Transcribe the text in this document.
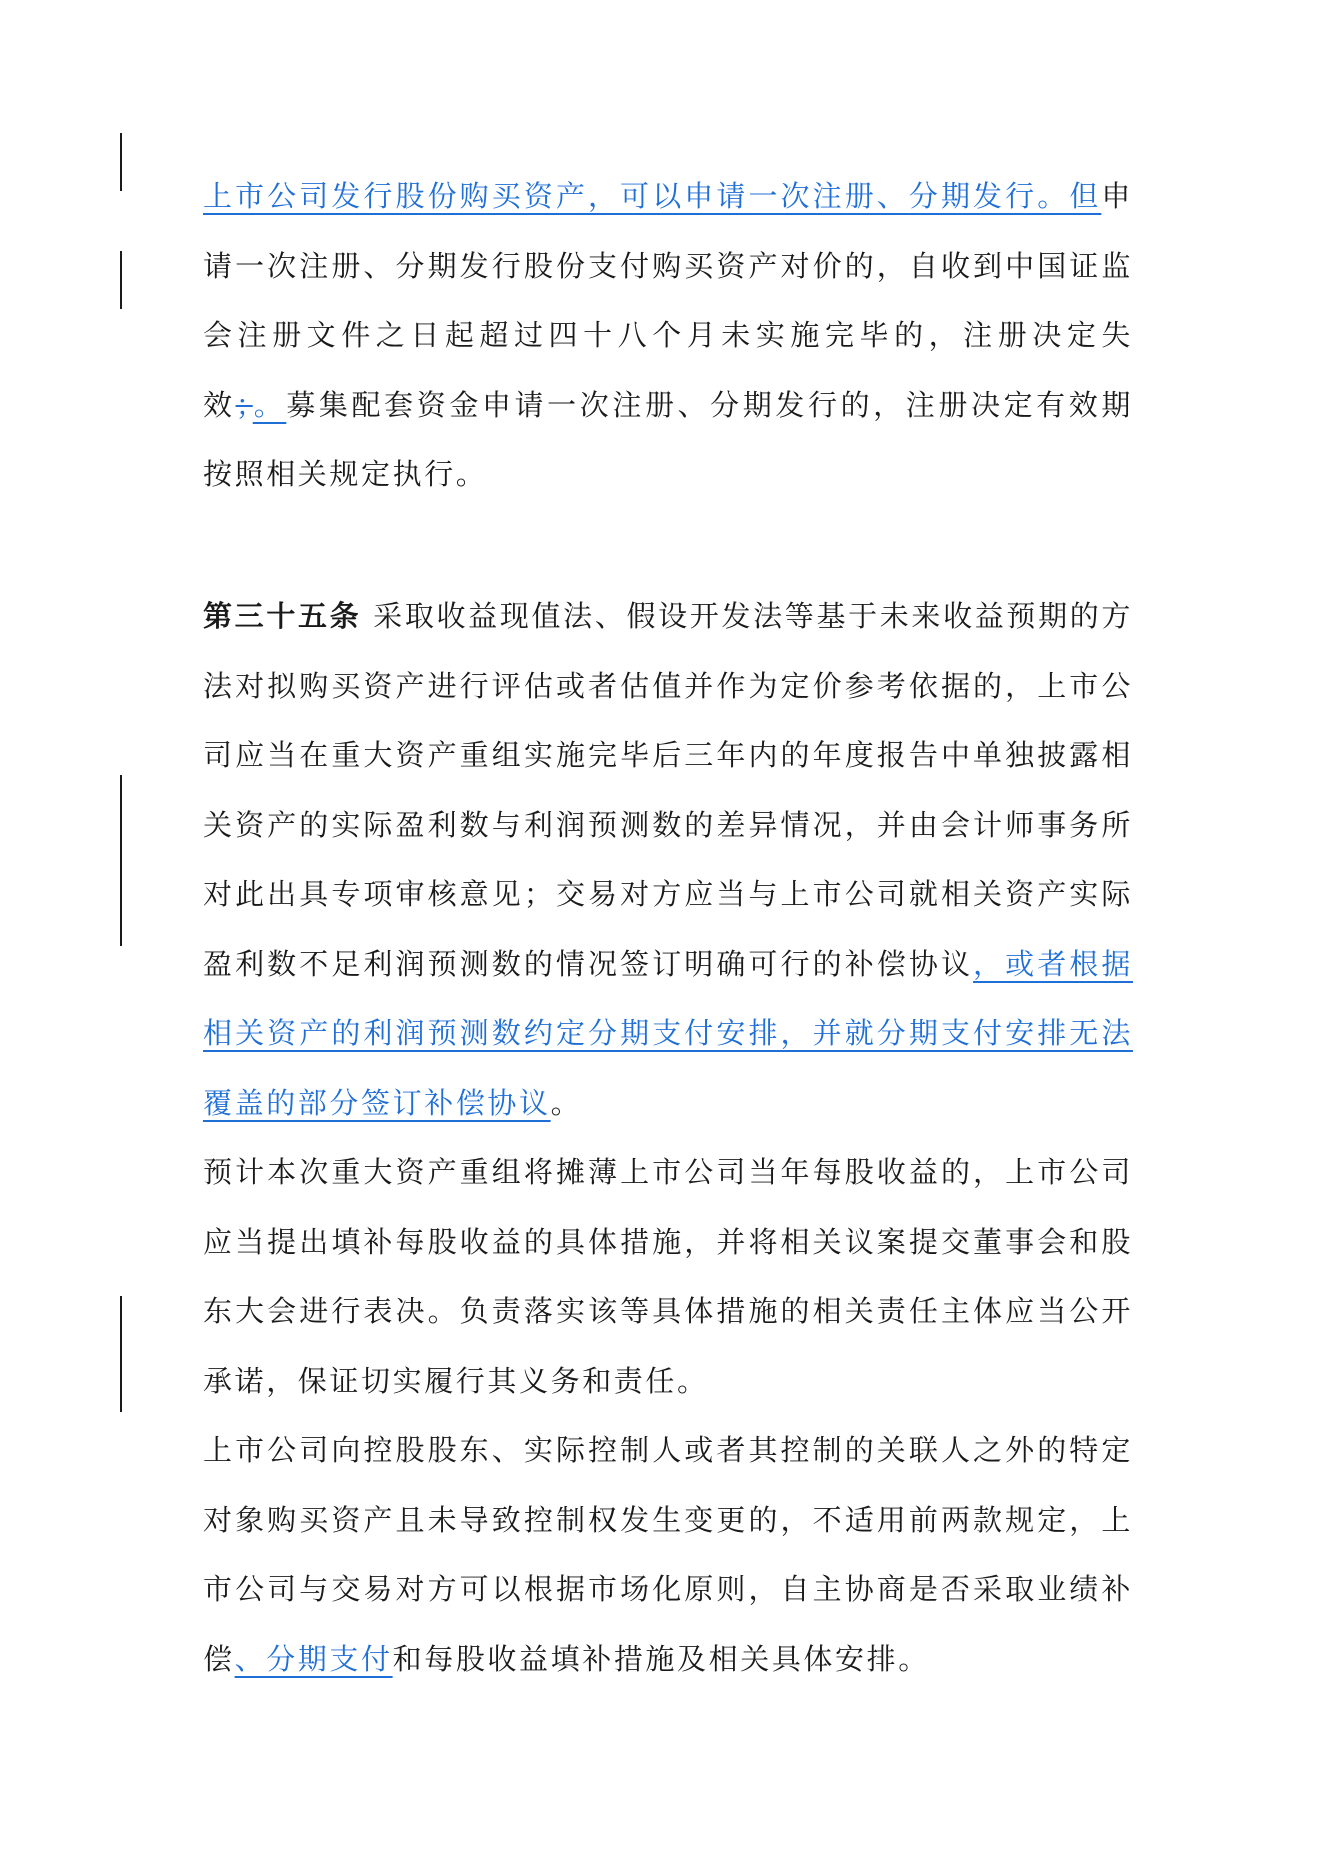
上市公司发行股份购买资产，可以申请一次注册、分期发行。但申请一次注册、分期发行股份支付购买资产对价的，自收到中国证监会注册文件之日起超过四十八个月未实施完毕的，注册决定失效；。募集配套资金申请一次注册、分期发行的，注册决定有效期按照相关规定执行。

第三十五条 采取收益现值法、假设开发法等基于未来收益预期的方法对拟购买资产进行评估或者估值并作为定价参考依据的，上市公司应当在重大资产重组实施完毕后三年内的年度报告中单独披露相关资产的实际盈利数与利润预测数的差异情况，并由会计师事务所对此出具专项审核意见；交易对方应当与上市公司就相关资产实际盈利数不足利润预测数的情况签订明确可行的补偿协议，或者根据相关资产的利润预测数约定分期支付安排，并就分期支付安排无法覆盖的部分签订补偿协议。

预计本次重大资产重组将摊薄上市公司当年每股收益的，上市公司应当提出填补每股收益的具体措施，并将相关议案提交董事会和股东大会进行表决。负责落实该等具体措施的相关责任主体应当公开承诺，保证切实履行其义务和责任。

上市公司向控股股东、实际控制人或者其控制的关联人之外的特定对象购买资产且未导致控制权发生变更的，不适用前两款规定，上市公司与交易对方可以根据市场化原则，自主协商是否采取业绩补偿、分期支付和每股收益填补措施及相关具体安排。
